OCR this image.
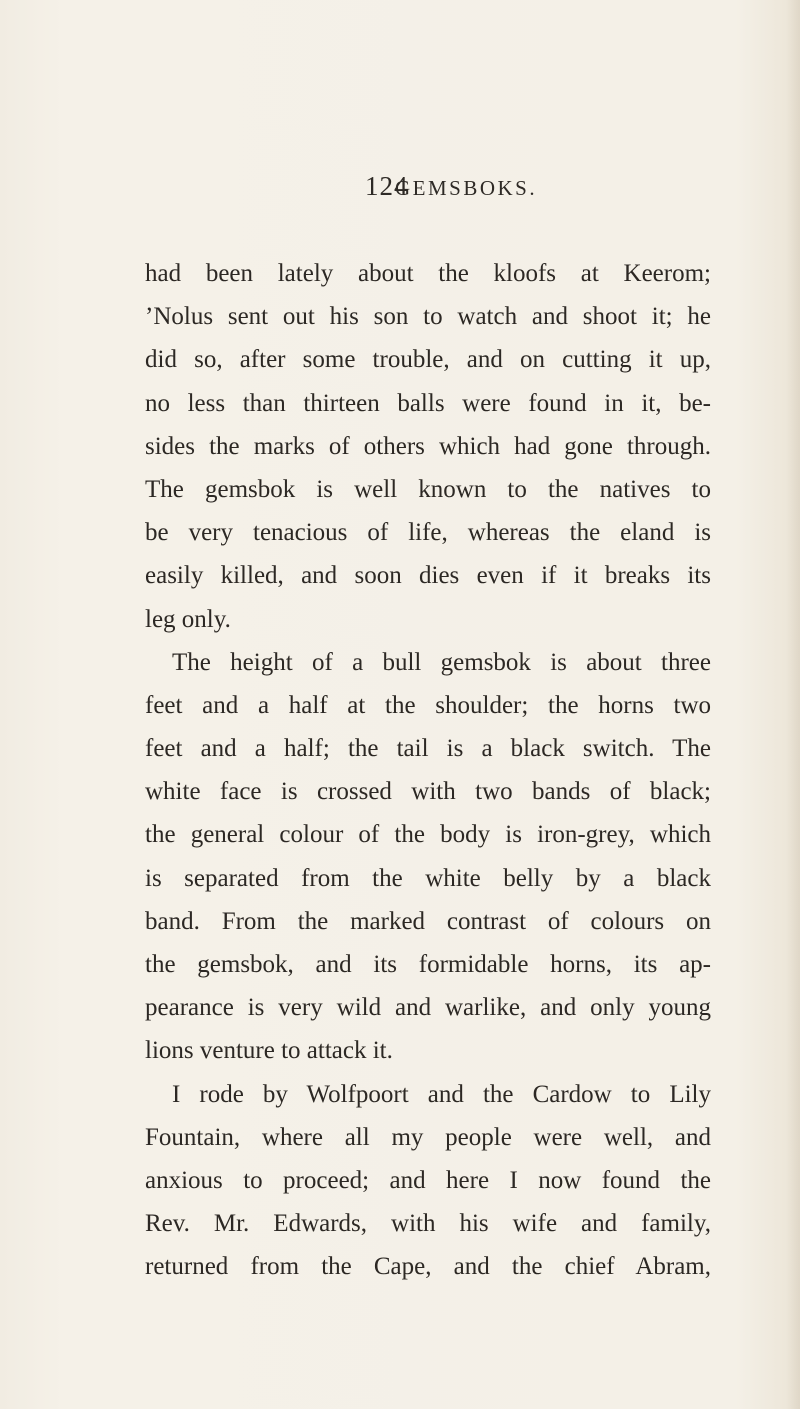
124
GEMSBOKS.
had been lately about the kloofs at Keerom;
’Nolus sent out his son to watch and shoot it; he
did so, after some trouble, and on cutting it up,
no less than thirteen balls were found in it, be-
sides the marks of others which had gone through.
The gemsbok is well known to the natives to
be very tenacious of life, whereas the eland is
easily killed, and soon dies even if it breaks its
leg only.
The height of a bull gemsbok is about three
feet and a half at the shoulder; the horns two
feet and a half; the tail is a black switch. The
white face is crossed with two bands of black;
the general colour of the body is iron-grey, which
is separated from the white belly by a black
band. From the marked contrast of colours on
the gemsbok, and its formidable horns, its ap-
pearance is very wild and warlike, and only young
lions venture to attack it.
I rode by Wolfpoort and the Cardow to Lily
Fountain, where all my people were well, and
anxious to proceed; and here I now found the
Rev. Mr. Edwards, with his wife and family,
returned from the Cape, and the chief Abram,
